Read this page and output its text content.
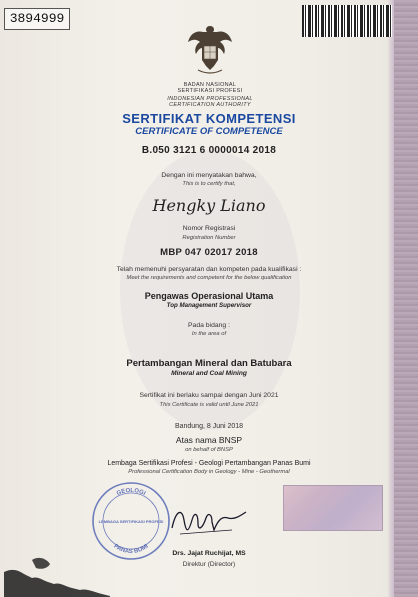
3894999
BADAN NASIONAL
SERTIFIKASI PROFESI
INDONESIAN PROFESSIONAL
CERTIFICATION AUTHORITY
SERTIFIKAT KOMPETENSI
CERTIFICATE OF COMPETENCE
B.050 3121 6 0000014 2018
Dengan ini menyatakan bahwa,
This is to certify that,
Hengky Liano
Nomor Registrasi
Registration Number
MBP 047 02017 2018
Telah memenuhi persyaratan dan kompeten pada kualifikasi :
Meet the requirements and competent for the below qualification
Pengawas Operasional Utama
Top Management Supervisor
Pada bidang :
In the area of
Pertambangan Mineral dan Batubara
Mineral and Coal Mining
Sertifikat ini berlaku sampai dengan Juni 2021
This Certificate is valid until June 2021
Bandung, 8 Juni 2018
Atas nama BNSP
on behalf of BNSP
Lembaga Sertifikasi Profesi - Geologi Pertambangan Panas Bumi
Professional Certification Body in Geology - Mine - Geothermal
GEOLOGI
LEMBAGA SERTIFIKASI PROFESI
PANAS BUMI
Drs. Jajat Ruchijat, MS
Direktur (Director)
